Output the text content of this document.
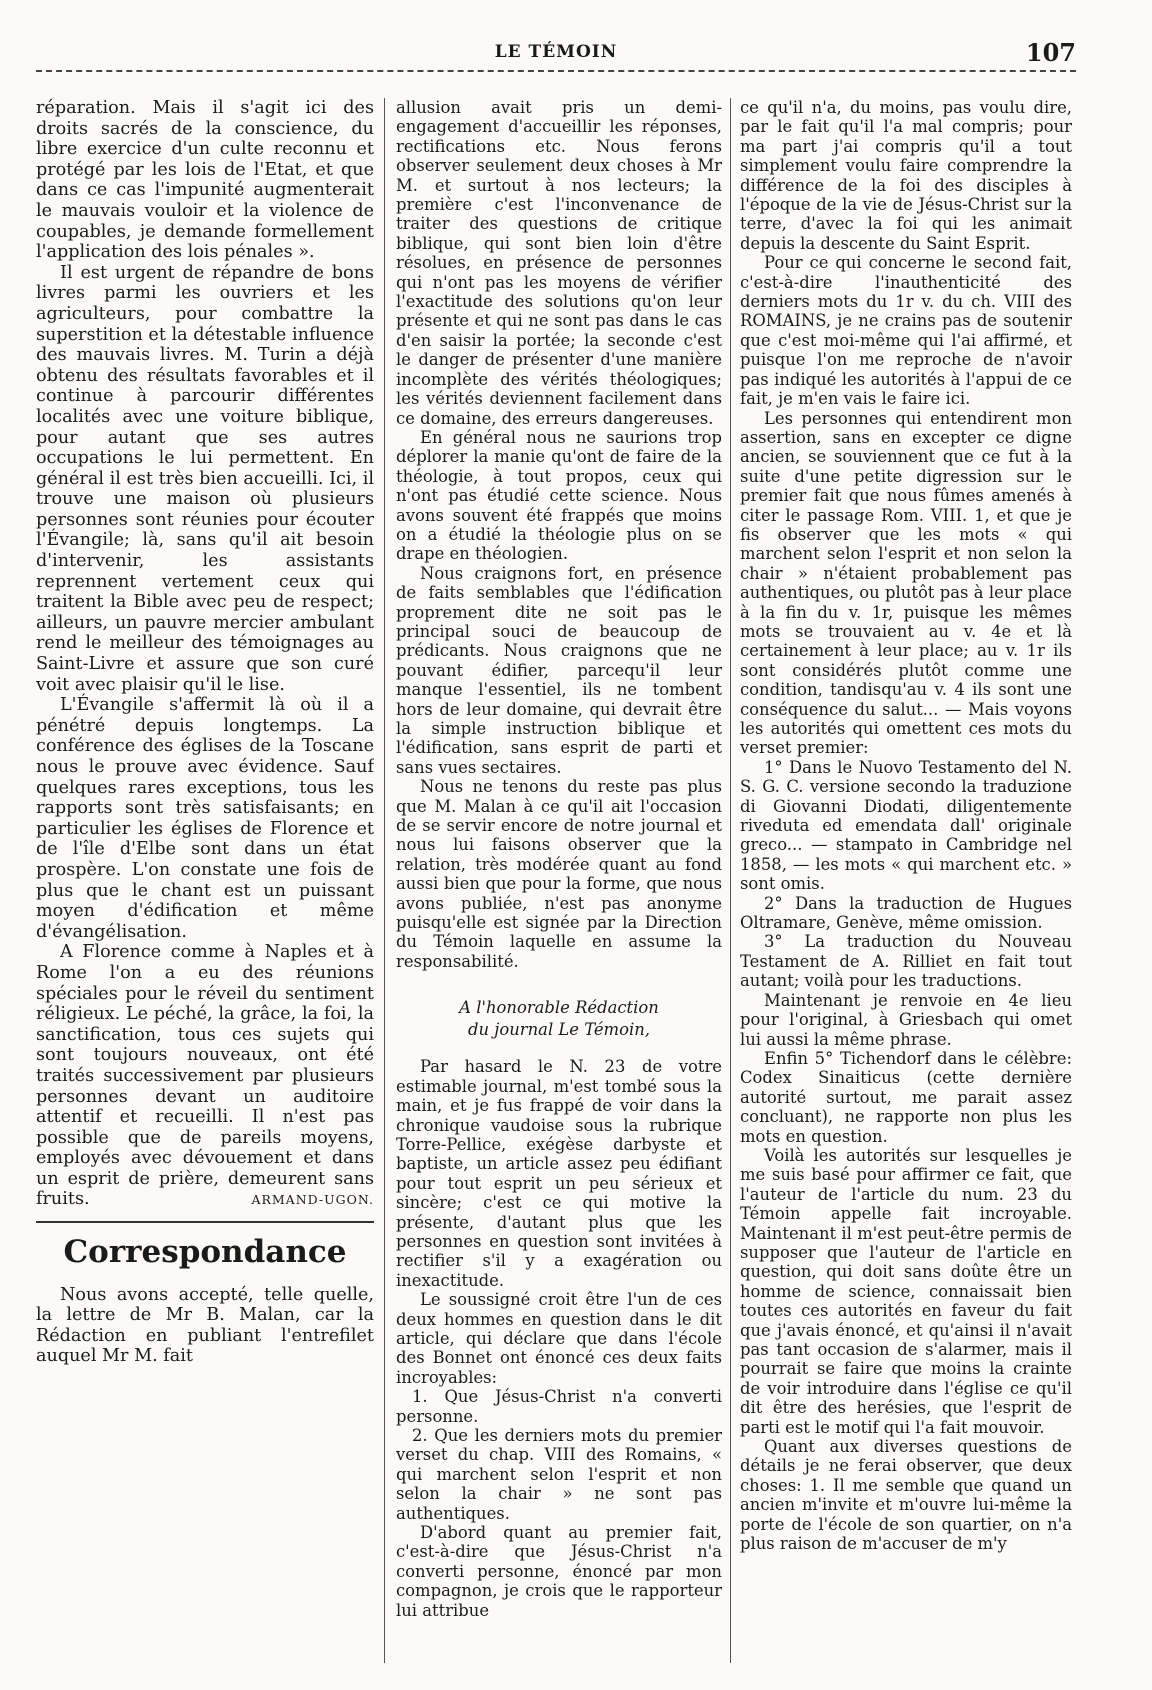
LE TÉMOIN	107

réparation. Mais il s'agit ici des droits sacrés de la conscience, du libre exercice d'un culte reconnu et protégé par les lois de l'Etat, et que dans ce cas l'impunité augmenterait le mauvais vouloir et la violence de coupables, je demande formellement l'application des lois pénales ».

Il est urgent de répandre de bons livres parmi les ouvriers et les agriculteurs, pour combattre la superstition et la détestable influence des mauvais livres. M. Turin a déjà obtenu des résultats favorables et il continue à parcourir différentes localités avec une voiture biblique, pour autant que ses autres occupations le lui permettent. En général il est très bien accueilli. Ici, il trouve une maison où plusieurs personnes sont réunies pour écouter l'Évangile; là, sans qu'il ait besoin d'intervenir, les assistants reprennent vertement ceux qui traitent la Bible avec peu de respect; ailleurs, un pauvre mercier ambulant rend le meilleur des témoignages au Saint-Livre et assure que son curé voit avec plaisir qu'il le lise.

L'Évangile s'affermit là où il a pénétré depuis longtemps. La conférence des églises de la Toscane nous le prouve avec évidence. Sauf quelques rares exceptions, tous les rapports sont très satisfaisants; en particulier les églises de Florence et de l'île d'Elbe sont dans un état prospère. L'on constate une fois de plus que le chant est un puissant moyen d'édification et même d'évangélisation.

A Florence comme à Naples et à Rome l'on a eu des réunions spéciales pour le réveil du sentiment réligieux. Le péché, la grâce, la foi, la sanctification, tous ces sujets qui sont toujours nouveaux, ont été traités successivement par plusieurs personnes devant un auditoire attentif et recueilli. Il n'est pas possible que de pareils moyens, employés avec dévouement et dans un esprit de prière, demeurent sans fruits.	ARMAND-UGON.
Correspondance

Nous avons accepté, telle quelle, la lettre de Mr B. Malan, car la Rédaction en publiant l'entrefilet auquel Mr M. fait

allusion avait pris un demi-engagement d'accueillir les réponses, rectifications etc. Nous ferons observer seulement deux choses à Mr M. et surtout à nos lecteurs; la première c'est l'inconvenance de traiter des questions de critique biblique, qui sont bien loin d'être résolues, en présence de personnes qui n'ont pas les moyens de vérifier l'exactitude des solutions qu'on leur présente et qui ne sont pas dans le cas d'en saisir la portée; la seconde c'est le danger de présenter d'une manière incomplète des vérités théologiques; les vérités deviennent facilement dans ce domaine, des erreurs dangereuses.

En général nous ne saurions trop déplorer la manie qu'ont de faire de la théologie, à tout propos, ceux qui n'ont pas étudié cette science. Nous avons souvent été frappés que moins on a étudié la théologie plus on se drape en théologien.

Nous craignons fort, en présence de faits semblables que l'édification proprement dite ne soit pas le principal souci de beaucoup de prédicants. Nous craignons que ne pouvant édifier, parcequ'il leur manque l'essentiel, ils ne tombent hors de leur domaine, qui devrait être la simple instruction biblique et l'édification, sans esprit de parti et sans vues sectaires.

Nous ne tenons du reste pas plus que M. Malan à ce qu'il ait l'occasion de se servir encore de notre journal et nous lui faisons observer que la relation, très modérée quant au fond aussi bien que pour la forme, que nous avons publiée, n'est pas anonyme puisqu'elle est signée par la Direction du Témoin laquelle en assume la responsabilité.

A l'honorable Rédaction
du journal Le Témoin,

Par hasard le N. 23 de votre estimable journal, m'est tombé sous la main, et je fus frappé de voir dans la chronique vaudoise sous la rubrique Torre-Pellice, exégèse darbyste et baptiste, un article assez peu édifiant pour tout esprit un peu sérieux et sincère; c'est ce qui motive la présente, d'autant plus que les personnes en question sont invitées à rectifier s'il y a exagération ou inexactitude.

Le soussigné croit être l'un de ces deux hommes en question dans le dit article, qui déclare que dans l'école des Bonnet ont énoncé ces deux faits incroyables:

1. Que Jésus-Christ n'a converti personne.

2. Que les derniers mots du premier verset du chap. VIII des Romains, « qui marchent selon l'esprit et non selon la chair » ne sont pas authentiques.

D'abord quant au premier fait, c'est-à-dire que Jésus-Christ n'a converti personne, énoncé par mon compagnon, je crois que le rapporteur lui attribue

ce qu'il n'a, du moins, pas voulu dire, par le fait qu'il l'a mal compris; pour ma part j'ai compris qu'il a tout simplement voulu faire comprendre la différence de la foi des disciples à l'époque de la vie de Jésus-Christ sur la terre, d'avec la foi qui les animait depuis la descente du Saint Esprit.

Pour ce qui concerne le second fait, c'est-à-dire l'inauthenticité des derniers mots du 1r v. du ch. VIII des ROMAINS, je ne crains pas de soutenir que c'est moi-même qui l'ai affirmé, et puisque l'on me reproche de n'avoir pas indiqué les autorités à l'appui de ce fait, je m'en vais le faire ici.

Les personnes qui entendirent mon assertion, sans en excepter ce digne ancien, se souviennent que ce fut à la suite d'une petite digression sur le premier fait que nous fûmes amenés à citer le passage Rom. VIII. 1, et que je fis observer que les mots « qui marchent selon l'esprit et non selon la chair » n'étaient probablement pas authentiques, ou plutôt pas à leur place à la fin du v. 1r, puisque les mêmes mots se trouvaient au v. 4e et là certainement à leur place; au v. 1r ils sont considérés plutôt comme une condition, tandisqu'au v. 4 ils sont une conséquence du salut... — Mais voyons les autorités qui omettent ces mots du verset premier:

1° Dans le Nuovo Testamento del N. S. G. C. versione secondo la traduzione di Giovanni Diodati, diligentemente riveduta ed emendata dall' originale greco... — stampato in Cambridge nel 1858, — les mots « qui marchent etc. » sont omis.

2° Dans la traduction de Hugues Oltramare, Genève, même omission.

3° La traduction du Nouveau Testament de A. Rilliet en fait tout autant; voilà pour les traductions.

Maintenant je renvoie en 4e lieu pour l'original, à Griesbach qui omet lui aussi la même phrase.

Enfin 5° Tichendorf dans le célèbre: Codex Sinaiticus (cette dernière autorité surtout, me parait assez concluant), ne rapporte non plus les mots en question.

Voilà les autorités sur lesquelles je me suis basé pour affirmer ce fait, que l'auteur de l'article du num. 23 du Témoin appelle fait incroyable. Maintenant il m'est peut-être permis de supposer que l'auteur de l'article en question, qui doit sans doûte être un homme de science, connaissait bien toutes ces autorités en faveur du fait que j'avais énoncé, et qu'ainsi il n'avait pas tant occasion de s'alarmer, mais il pourrait se faire que moins la crainte de voir introduire dans l'église ce qu'il dit être des herésies, que l'esprit de parti est le motif qui l'a fait mouvoir.

Quant aux diverses questions de détails je ne ferai observer, que deux choses: 1. Il me semble que quand un ancien m'invite et m'ouvre lui-même la porte de l'école de son quartier, on n'a plus raison de m'accuser de m'y
